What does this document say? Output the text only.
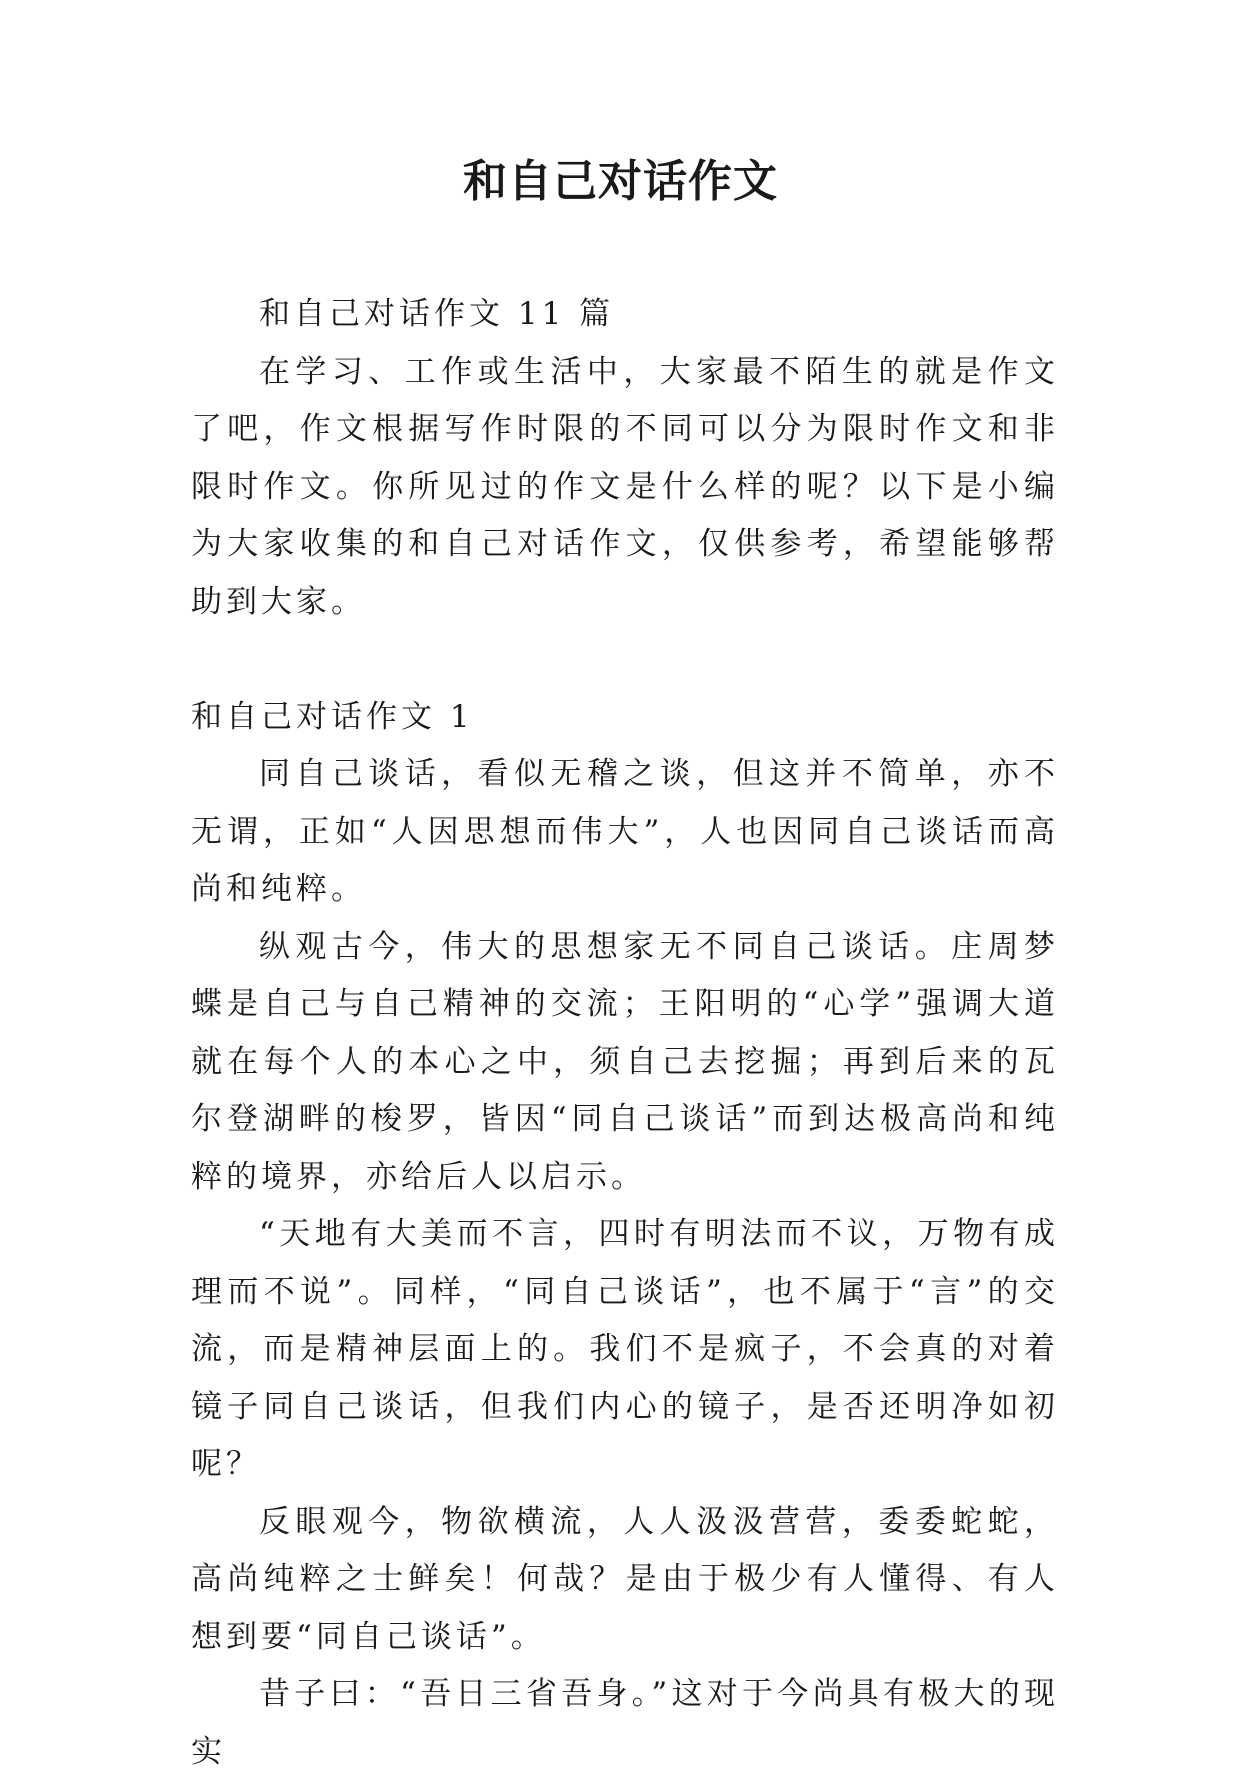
和自己对话作文

和自己对话作文 11 篇

在学习、工作或生活中，大家最不陌生的就是作文了吧，作文根据写作时限的不同可以分为限时作文和非限时作文。你所见过的作文是什么样的呢？以下是小编为大家收集的和自己对话作文，仅供参考，希望能够帮助到大家。

和自己对话作文 1

同自己谈话，看似无稽之谈，但这并不简单，亦不无谓，正如“人因思想而伟大”，人也因同自己谈话而高尚和纯粹。

纵观古今，伟大的思想家无不同自己谈话。庄周梦蝶是自己与自己精神的交流；王阳明的“心学”强调大道就在每个人的本心之中，须自己去挖掘；再到后来的瓦尔登湖畔的梭罗，皆因“同自己谈话”而到达极高尚和纯粹的境界，亦给后人以启示。

“天地有大美而不言，四时有明法而不议，万物有成理而不说”。同样，“同自己谈话”，也不属于“言”的交流，而是精神层面上的。我们不是疯子，不会真的对着镜子同自己谈话，但我们内心的镜子，是否还明净如初呢？

反眼观今，物欲横流，人人汲汲营营，委委蛇蛇，高尚纯粹之士鲜矣！何哉？是由于极少有人懂得、有人想到要“同自己谈话”。

昔子曰：“吾日三省吾身。”这对于今尚具有极大的现实
